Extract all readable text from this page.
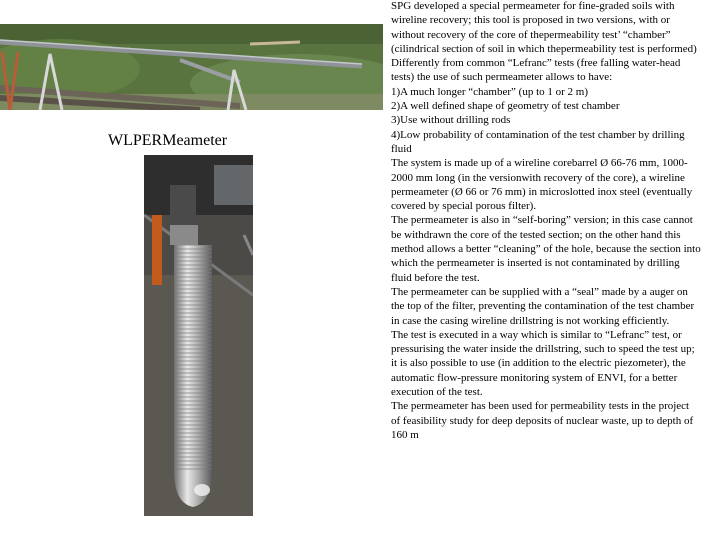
WLPERMeameter

SPG developed a special permeameter for fine-graded soils with wireline recovery; this tool is proposed in two versions, with or without recovery of the core of thepermeability test’ “chamber” (cilindrical section of soil in which thepermeability test is performed)

Differently from common “Lefranc” tests (free falling water-head tests) the use of such permeameter allows to have:

1)A much longer “chamber” (up to 1 or 2 m)

2)A well defined shape of geometry of test chamber

3)Use without drilling rods

4)Low probability of contamination of the test chamber by drilling fluid

The system is made up of a wireline corebarrel Ø 66-76 mm, 1000-2000 mm long (in the versionwith recovery of the core), a wireline permeameter (Ø 66 or 76 mm) in microslotted inox steel (eventually covered by special porous filter).

The permeameter is also in “self-boring” version; in this case cannot be withdrawn the core of the tested section; on the other hand this method allows a better “cleaning” of the hole, because the section into which the permeameter is inserted is not contaminated by drilling fluid before the test.

The permeameter can be supplied with a “seal” made by a auger on the top of the filter, preventing the contamination of the test chamber in case the casing wireline drillstring is not working efficiently.

The test is executed in a way which is similar to “Lefranc” test, or pressurising the water inside the drillstring, such to speed the test up; it is also possible to use (in addition to the electric piezometer), the automatic flow-pressure monitoring system of ENVI, for a better execution of the test.

The permeameter has been used for permeability tests in the project of feasibility study for deep deposits of nuclear waste, up to depth of 160 m
